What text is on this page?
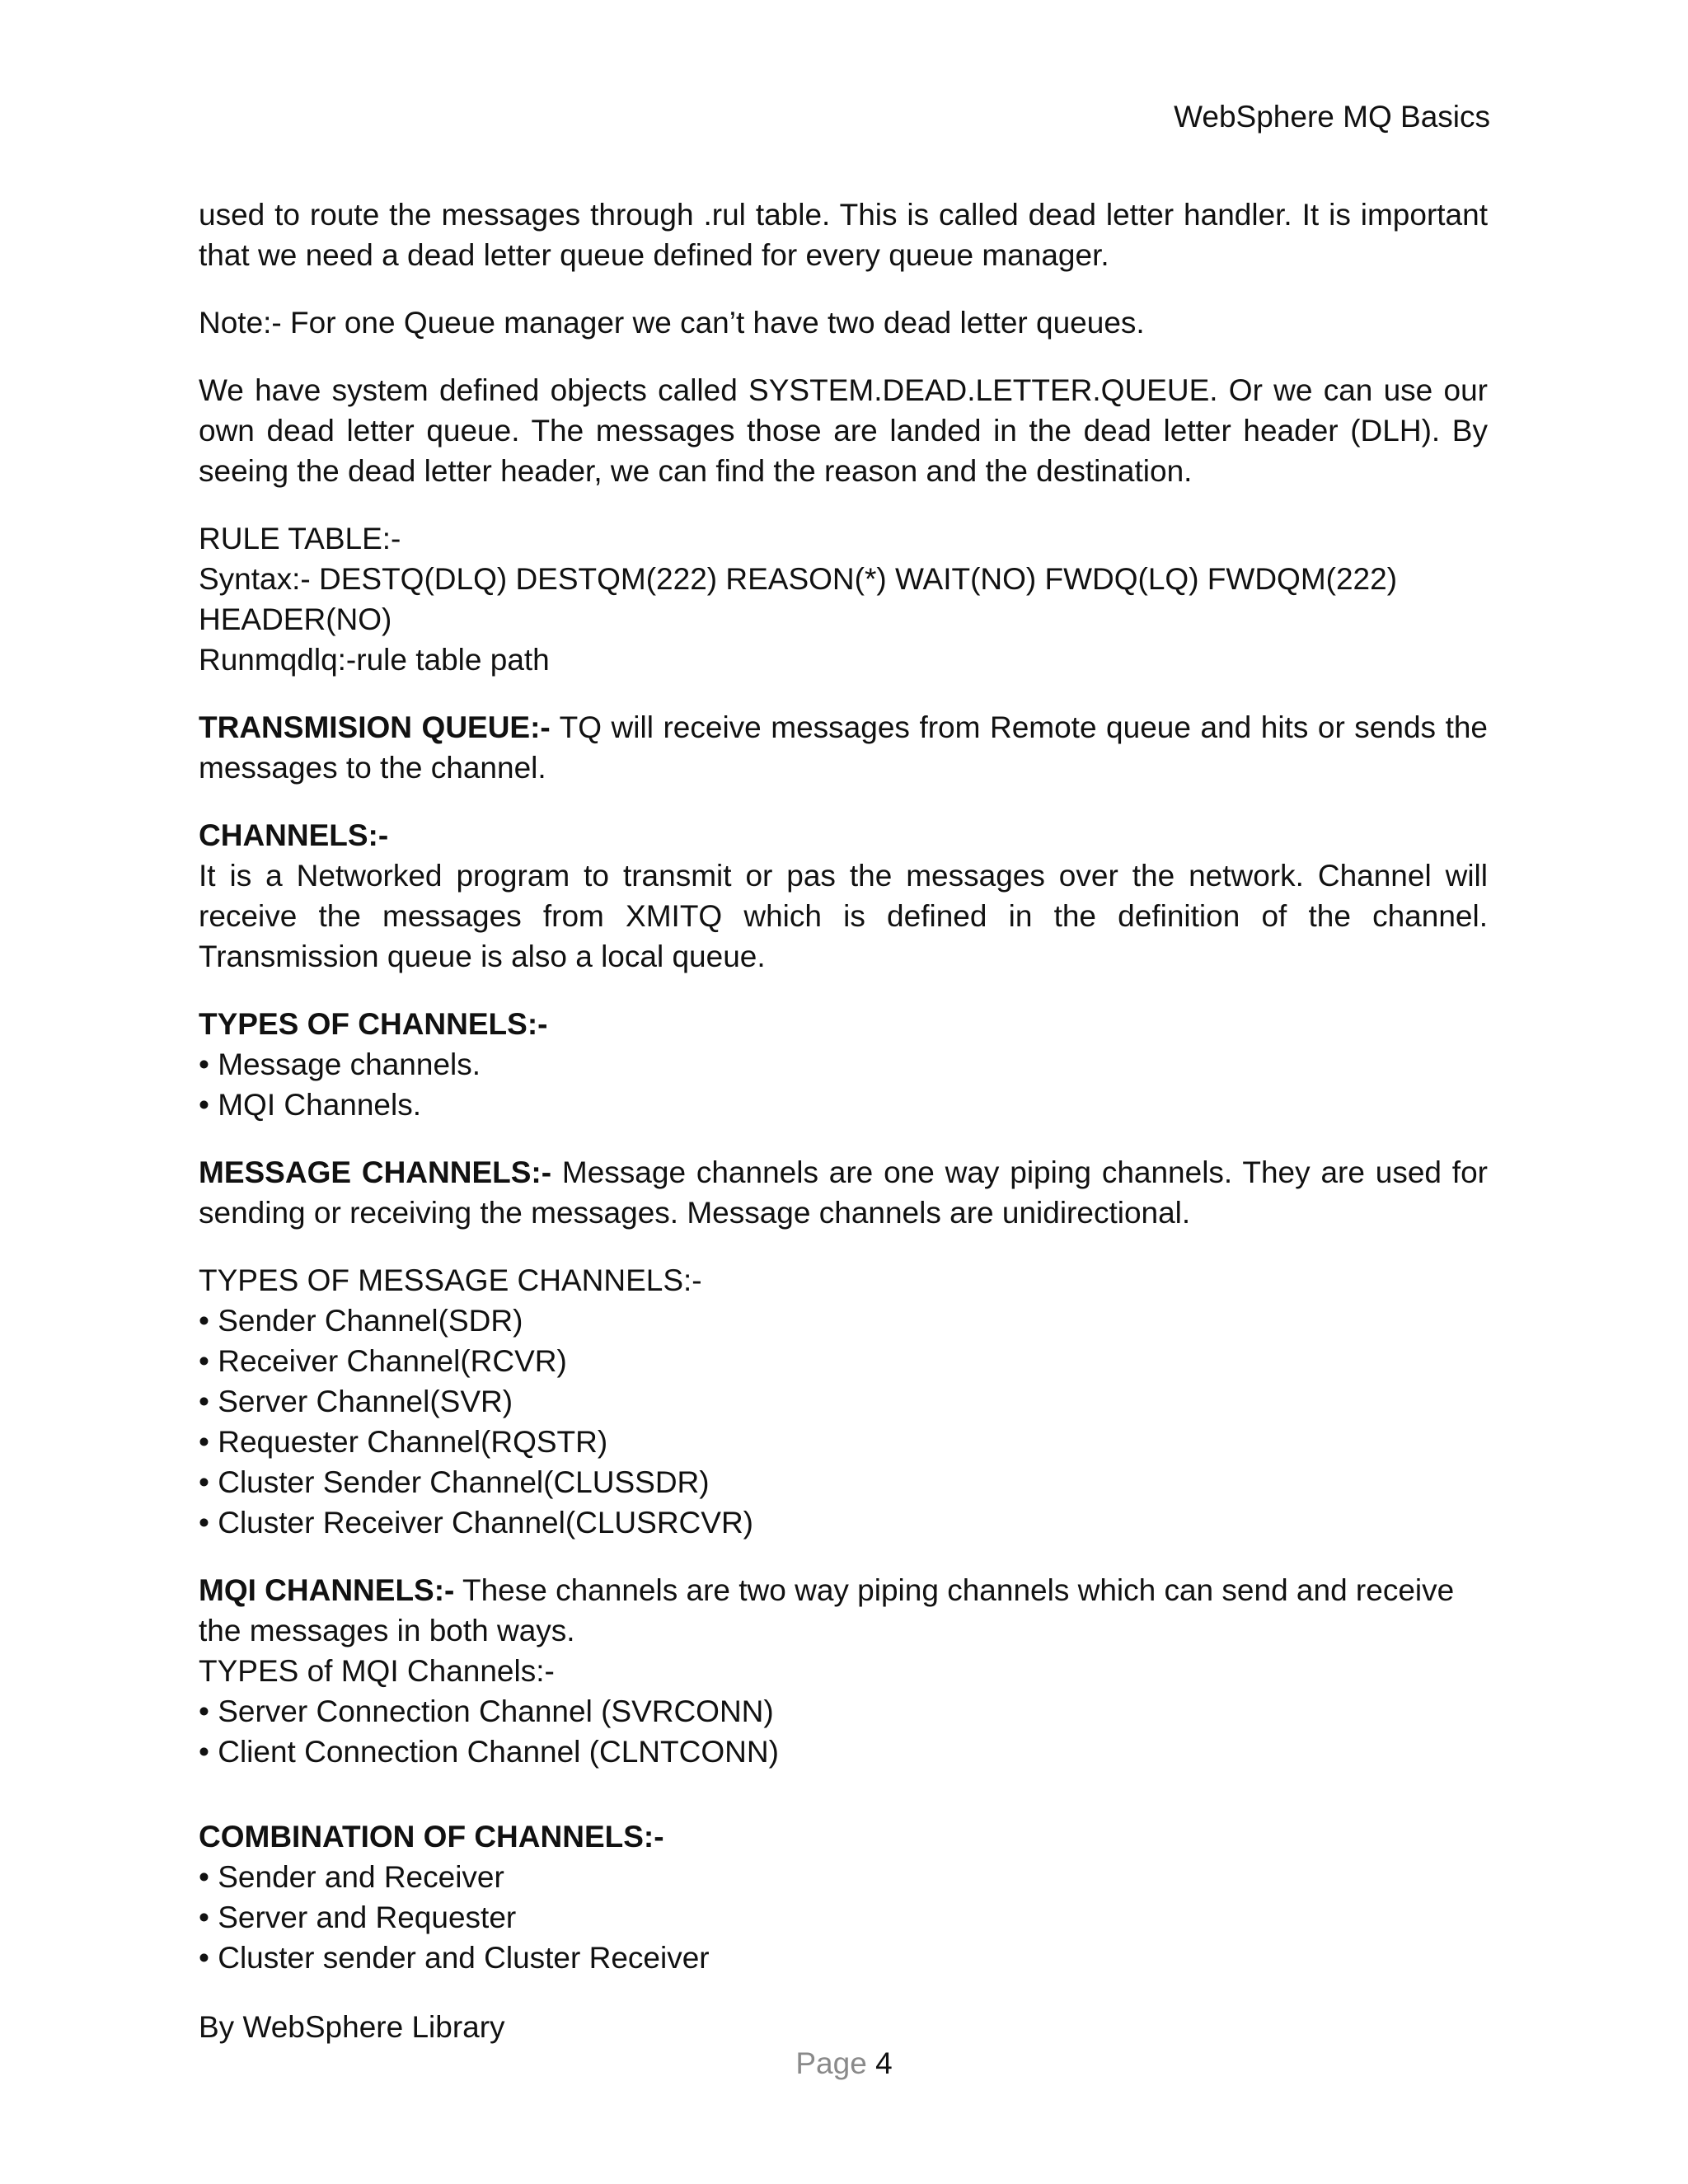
WebSphere MQ Basics

used to route the messages through .rul table. This is called dead letter handler. It is important that we need a dead letter queue defined for every queue manager.

Note:- For one Queue manager we can’t have two dead letter queues.

We have system defined objects called SYSTEM.DEAD.LETTER.QUEUE. Or we can use our own dead letter queue. The messages those are landed in the dead letter header (DLH). By seeing the dead letter header, we can find the reason and the destination.

RULE TABLE:-
Syntax:- DESTQ(DLQ) DESTQM(222) REASON(*) WAIT(NO) FWDQ(LQ) FWDQM(222)
HEADER(NO)
Runmqdlq:-rule table path

TRANSMISION QUEUE:- TQ will receive messages from Remote queue and hits or sends the messages to the channel.

CHANNELS:-

It is a Networked program to transmit or pas the messages over the network. Channel will receive the messages from XMITQ which is defined in the definition of the channel. Transmission queue is also a local queue.

TYPES OF CHANNELS:-
• Message channels.
• MQI Channels.

MESSAGE CHANNELS:- Message channels are one way piping channels. They are used for sending or receiving the messages. Message channels are unidirectional.

TYPES OF MESSAGE CHANNELS:-
• Sender Channel(SDR)
• Receiver Channel(RCVR)
• Server Channel(SVR)
• Requester Channel(RQSTR)
• Cluster Sender Channel(CLUSSDR)
• Cluster Receiver Channel(CLUSRCVR)

MQI CHANNELS:- These channels are two way piping channels which can send and receive the messages in both ways.

TYPES of MQI Channels:-
• Server Connection Channel (SVRCONN)
• Client Connection Channel (CLNTCONN)
COMBINATION OF CHANNELS:-
• Sender and Receiver
• Server and Requester
• Cluster sender and Cluster Receiver
By WebSphere Library
Page 4
